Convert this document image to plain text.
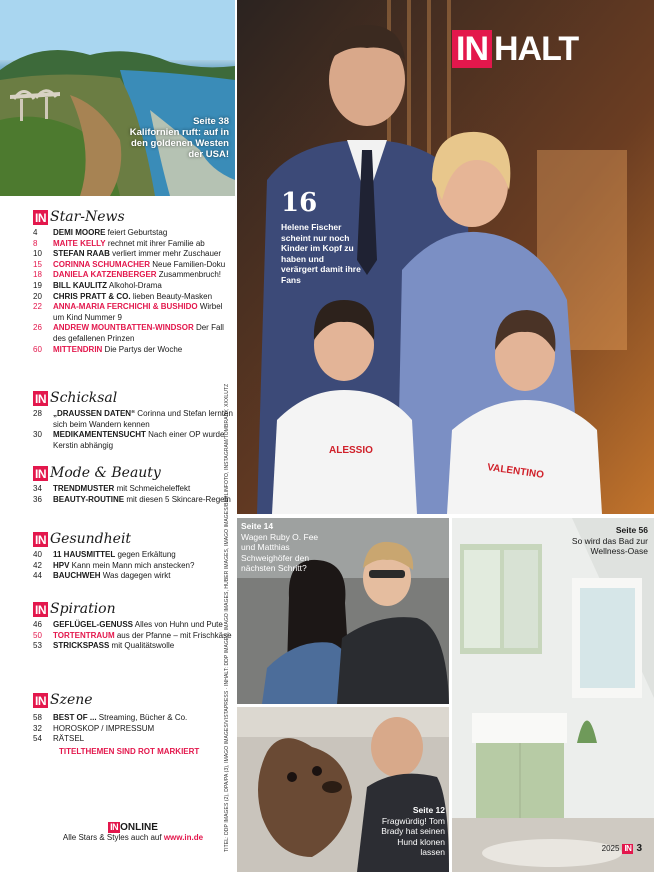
Seite 38
Kalifornien ruft: auf in den goldenen Westen der USA!
IN Star-News
4	DEMI MOORE feiert Geburtstag
8	MAITE KELLY rechnet mit ihrer Familie ab
10	STEFAN RAAB verliert immer mehr Zuschauer
15	CORINNA SCHUMACHER Neue Familien-Doku
18	DANIELA KATZENBERGER Zusammenbruch!
19	BILL KAULITZ Alkohol-Drama
20	CHRIS PRATT & CO. lieben Beauty-Masken
22	ANNA-MARIA FERCHICHI & BUSHIDO Wirbel um Kind Nummer 9
26	ANDREW MOUNTBATTEN-WINDSOR Der Fall des gefallenen Prinzen
60	MITTENDRIN Die Partys der Woche
IN Schicksal
28	„DRAUSSEN DATEN“ Corinna und Stefan lernten sich beim Wandern kennen
30	MEDIKAMENTENSUCHT Nach einer OP wurde Kerstin abhängig
IN Mode & Beauty
34	TRENDMUSTER mit Schmeicheleffekt
36	BEAUTY-ROUTINE mit diesen 5 Skincare-Regeln
IN Gesundheit
40	11 HAUSMITTEL gegen Erkältung
42	HPV Kann mein Mann mich anstecken?
44	BAUCHWEH Was dagegen wirkt
IN Spiration
46	GEFLÜGEL-GENUSS Alles von Huhn und Pute
50	TORTENTRAUM aus der Pfanne – mit Frischkäse
53	STRICKSPASS mit Qualitätswolle
IN Szene
58	BEST OF ... Streaming, Bücher & Co.
32	HOROSKOP / IMPRESSUM
54	RÄTSEL
TITELTHEMEN SIND ROT MARKIERT
IN ONLINE
Alle Stars & Styles auch auf www.in.de
ALESSIO
VALENTINO
IN HALT
16
Helene Fischer scheint nur noch Kinder im Kopf zu haben und verärgert damit ihre Fans
TITEL: DDP IMAGES (2), DPA/PA (3), IMAGO IMAGES/VISTAPRESS · INHALT: DDP IMAGES, IMAGO IMAGES, HUBER IMAGES, IMAGO IMAGES/BERLINFOTO, INSTAGRAM/TOMBRADY, XXXLUTZ Seite 14
Wagen Ruby O. Fee und Matthias Schweighöfer den nächsten Schritt?
Seite 12
Fragwürdig! Tom Brady hat seinen Hund klonen lassen
Seite 56
So wird das Bad zur Wellness-Oase
2025 IN 3
